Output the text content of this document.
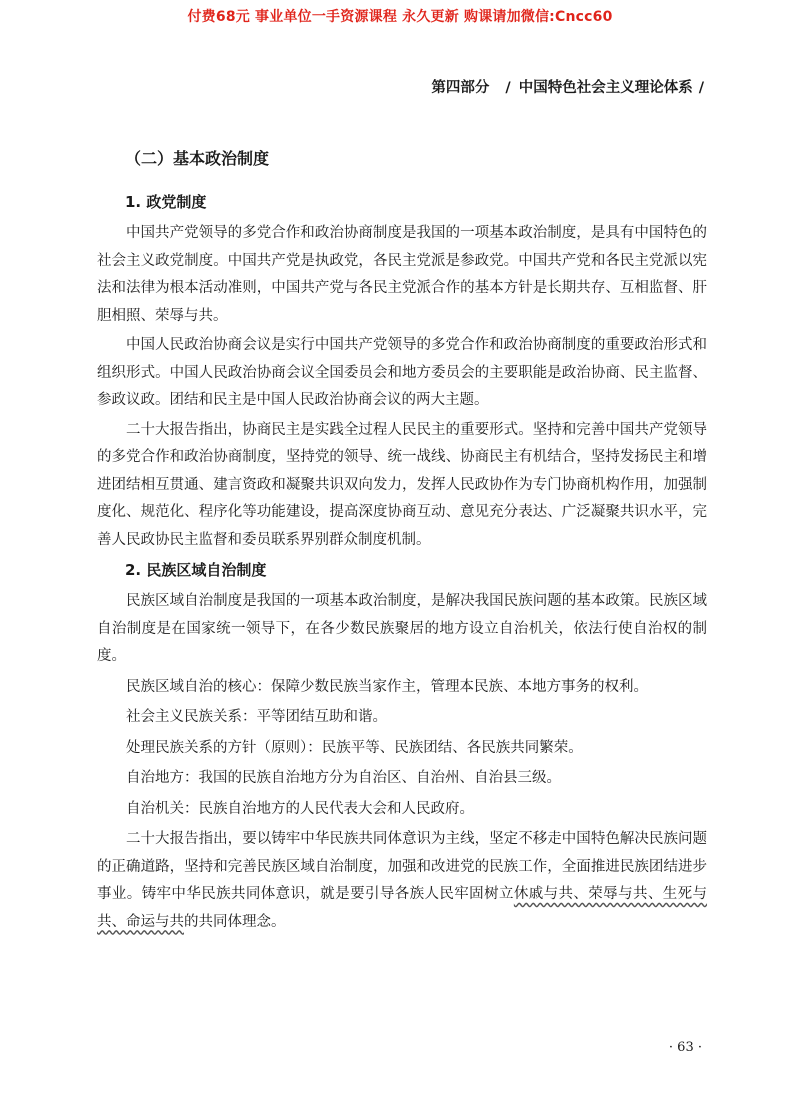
付费68元 事业单位一手资源课程 永久更新 购课请加微信:Cncc60
第四部分 / 中国特色社会主义理论体系 /
（二）基本政治制度
1. 政党制度

中国共产党领导的多党合作和政治协商制度是我国的一项基本政治制度，是具有中国特色的社会主义政党制度。中国共产党是执政党，各民主党派是参政党。中国共产党和各民主党派以宪法和法律为根本活动准则，中国共产党与各民主党派合作的基本方针是长期共存、互相监督、肝胆相照、荣辱与共。

中国人民政治协商会议是实行中国共产党领导的多党合作和政治协商制度的重要政治形式和组织形式。中国人民政治协商会议全国委员会和地方委员会的主要职能是政治协商、民主监督、参政议政。团结和民主是中国人民政治协商会议的两大主题。

二十大报告指出，协商民主是实践全过程人民民主的重要形式。坚持和完善中国共产党领导的多党合作和政治协商制度，坚持党的领导、统一战线、协商民主有机结合，坚持发扬民主和增进团结相互贯通、建言资政和凝聚共识双向发力，发挥人民政协作为专门协商机构作用，加强制度化、规范化、程序化等功能建设，提高深度协商互动、意见充分表达、广泛凝聚共识水平，完善人民政协民主监督和委员联系界别群众制度机制。

2. 民族区域自治制度

民族区域自治制度是我国的一项基本政治制度，是解决我国民族问题的基本政策。民族区域自治制度是在国家统一领导下，在各少数民族聚居的地方设立自治机关，依法行使自治权的制度。

民族区域自治的核心：保障少数民族当家作主，管理本民族、本地方事务的权利。

社会主义民族关系：平等团结互助和谐。

处理民族关系的方针（原则）：民族平等、民族团结、各民族共同繁荣。

自治地方：我国的民族自治地方分为自治区、自治州、自治县三级。

自治机关：民族自治地方的人民代表大会和人民政府。

二十大报告指出，要以铸牢中华民族共同体意识为主线，坚定不移走中国特色解决民族问题的正确道路，坚持和完善民族区域自治制度，加强和改进党的民族工作，全面推进民族团结进步事业。铸牢中华民族共同体意识，就是要引导各族人民牢固树立休戚与共、荣辱与共、生死与共、命运与共的共同体理念。

· 63 ·
